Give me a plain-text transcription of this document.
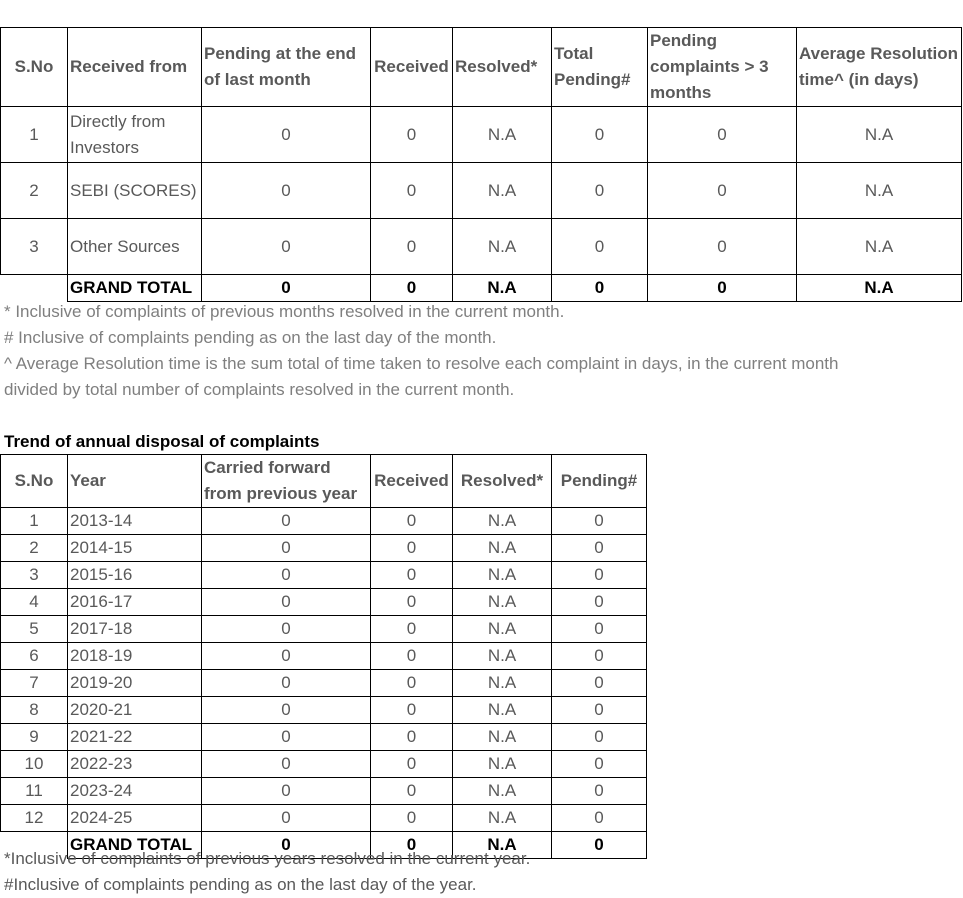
S.No	Received from	Pending at the end of last month	Received	Resolved*	Total Pending#	Pending complaints > 3 months	Average Resolution time^ (in days)
1	Directly from Investors	0	0	N.A	0	0	N.A
2	SEBI (SCORES)	0	0	N.A	0	0	N.A
3	Other Sources	0	0	N.A	0	0	N.A
	GRAND TOTAL	0	0	N.A	0	0	N.A
* Inclusive of complaints of previous months resolved in the current month.
# Inclusive of complaints pending as on the last day of the month.
^ Average Resolution time is the sum total of time taken to resolve each complaint in days, in the current month
divided by total number of complaints resolved in the current month.
Trend of annual disposal of complaints
S.No	Year	Carried forward from previous year	Received	Resolved*	Pending#
1	2013-14	0	0	N.A	0
2	2014-15	0	0	N.A	0
3	2015-16	0	0	N.A	0
4	2016-17	0	0	N.A	0
5	2017-18	0	0	N.A	0
6	2018-19	0	0	N.A	0
7	2019-20	0	0	N.A	0
8	2020-21	0	0	N.A	0
9	2021-22	0	0	N.A	0
10	2022-23	0	0	N.A	0
11	2023-24	0	0	N.A	0
12	2024-25	0	0	N.A	0
	GRAND TOTAL	0	0	N.A	0
*Inclusive of complaints of previous years resolved in the current year.
#Inclusive of complaints pending as on the last day of the year.
